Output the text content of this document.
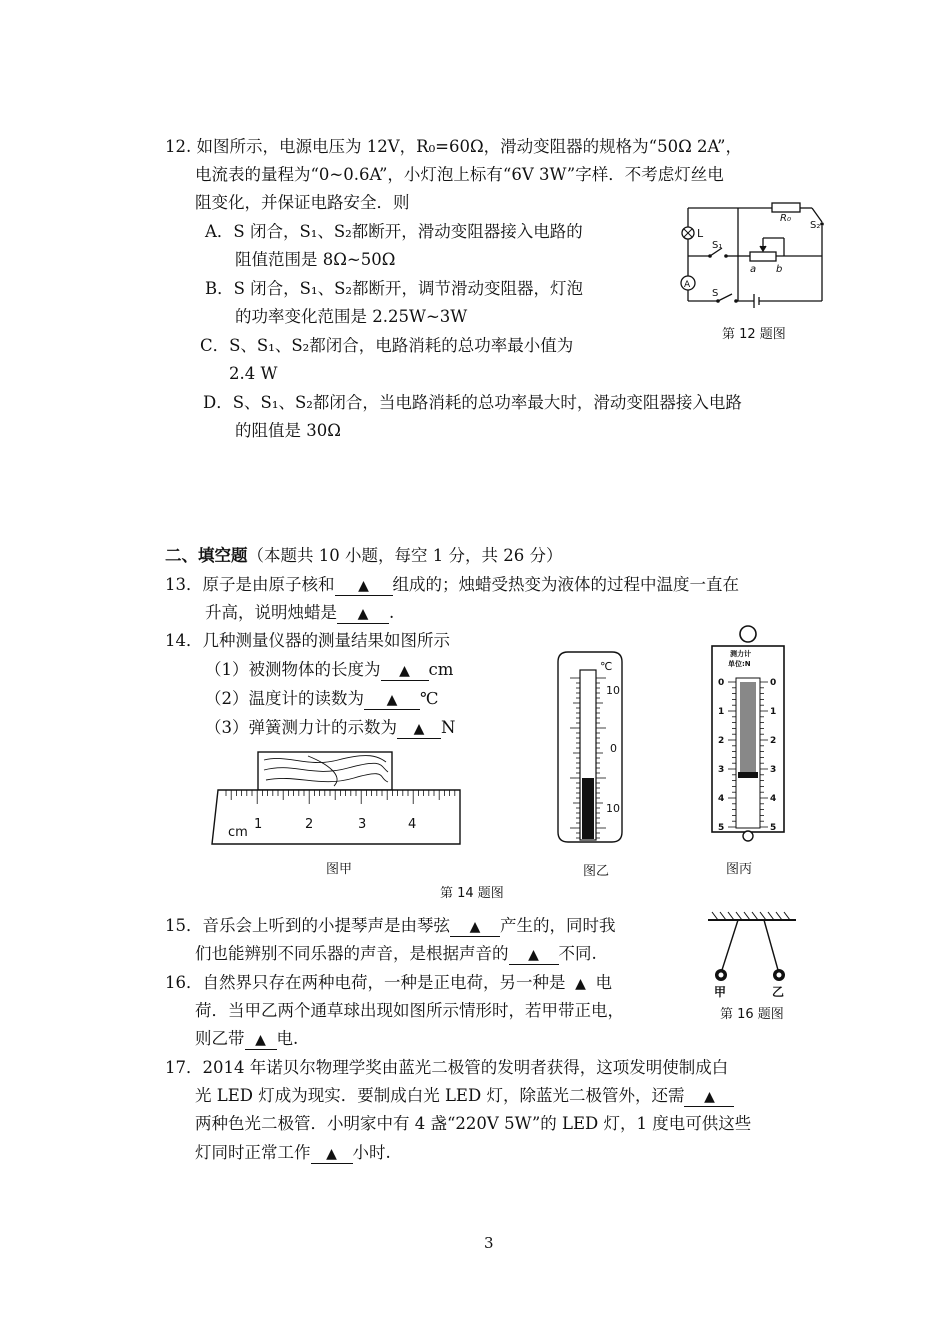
12. 如图所示，电源电压为 12V，R₀=60Ω，滑动变阻器的规格为“50Ω 2A”，
电流表的量程为“0~0.6A”，小灯泡上标有“6V 3W”字样．不考虑灯丝电
阻变化，并保证电路安全．则
A．S 闭合，S₁、S₂都断开，滑动变阻器接入电路的
阻值范围是 8Ω~50Ω
B．S 闭合，S₁、S₂都断开，调节滑动变阻器，灯泡
的功率变化范围是 2.25W~3W
C．S、S₁、S₂都闭合，电路消耗的总功率最小值为
2.4 W
D．S、S₁、S₂都闭合，当电路消耗的总功率最大时，滑动变阻器接入电路
的阻值是 30Ω
L
A
S₁
S
S₂
R₀
a b
第 12 题图
二、填空题（本题共 10 小题，每空 1 分，共 26 分）
13．原子是由原子核和 ▲ 组成的；烛蜡受热变为液体的过程中温度一直在
升高，说明烛蜡是 ▲ .
14．几种测量仪器的测量结果如图所示
（1）被测物体的长度为 ▲ cm
（2）温度计的读数为 ▲ ℃
（3）弹簧测力计的示数为 ▲ N
cm
1	2	3	4
图甲
℃
10
0
10
图乙
测力计
单位:N
0	0
1	1
2	2
3	3
4	4
5	5
图丙
第 14 题图
15．音乐会上听到的小提琴声是由琴弦 ▲ 产生的，同时我
们也能辨别不同乐器的声音，是根据声音的 ▲ 不同.
16．自然界只存在两种电荷，一种是正电荷，另一种是 ▲ 电
荷．当甲乙两个通草球出现如图所示情形时，若甲带正电，
则乙带 ▲ 电.
甲	乙
第 16 题图
17．2014 年诺贝尔物理学奖由蓝光二极管的发明者获得，这项发明使制成白
光 LED 灯成为现实．要制成白光 LED 灯，除蓝光二极管外，还需 ▲
两种色光二极管．小明家中有 4 盏“220V 5W”的 LED 灯，1 度电可供这些
灯同时正常工作 ▲ 小时.
3
